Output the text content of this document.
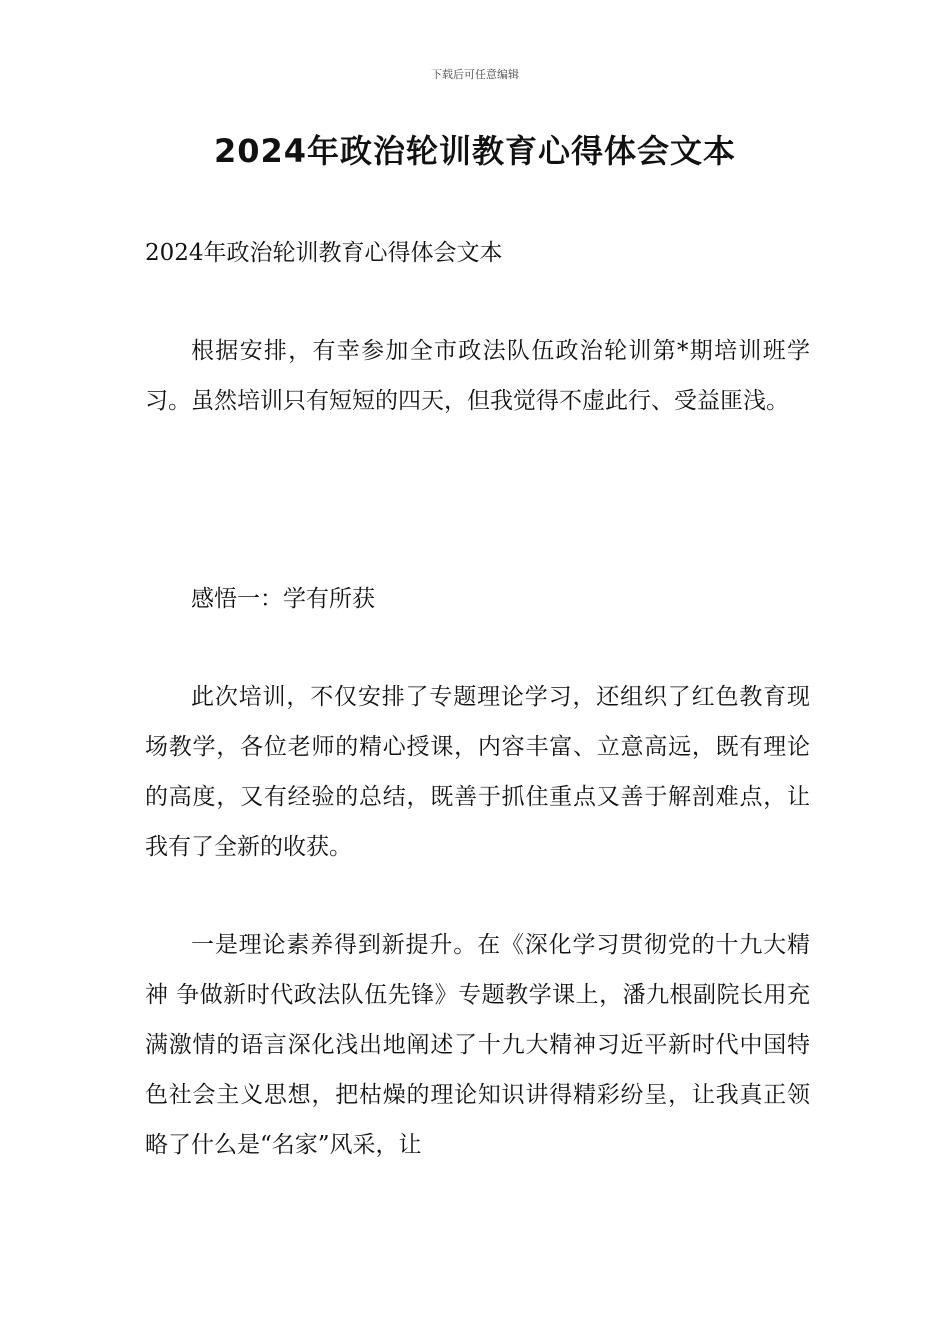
下载后可任意编辑
2024年政治轮训教育心得体会文本

2024年政治轮训教育心得体会文本

根据安排，有幸参加全市政法队伍政治轮训第*期培训班学习。虽然培训只有短短的四天，但我觉得不虚此行、受益匪浅。

感悟一：学有所获

此次培训，不仅安排了专题理论学习，还组织了红色教育现场教学，各位老师的精心授课，内容丰富、立意高远，既有理论的高度，又有经验的总结，既善于抓住重点又善于解剖难点，让我有了全新的收获。

一是理论素养得到新提升。在《深化学习贯彻党的十九大精神 争做新时代政法队伍先锋》专题教学课上，潘九根副院长用充满激情的语言深化浅出地阐述了十九大精神习近平新时代中国特色社会主义思想，把枯燥的理论知识讲得精彩纷呈，让我真正领略了什么是“名家”风采，让
